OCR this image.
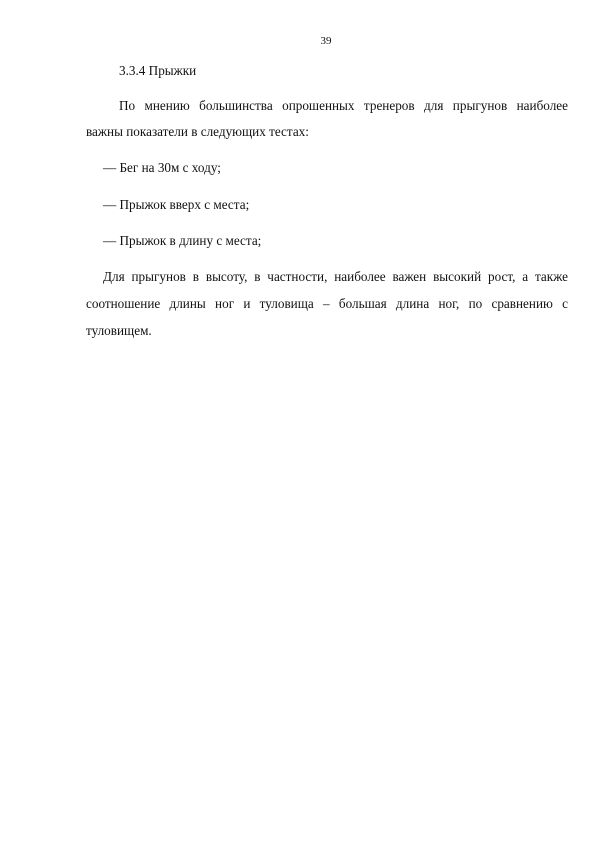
39
3.3.4 Прыжки
По мнению большинства опрошенных тренеров для прыгунов наиболее
важны показатели в следующих тестах:
— Бег на 30м с ходу;
— Прыжок вверх с места;
— Прыжок в длину с места;
Для прыгунов в высоту, в частности, наиболее важен высокий рост, а также
соотношение длины ног и туловища – большая длина ног, по сравнению с
туловищем.
